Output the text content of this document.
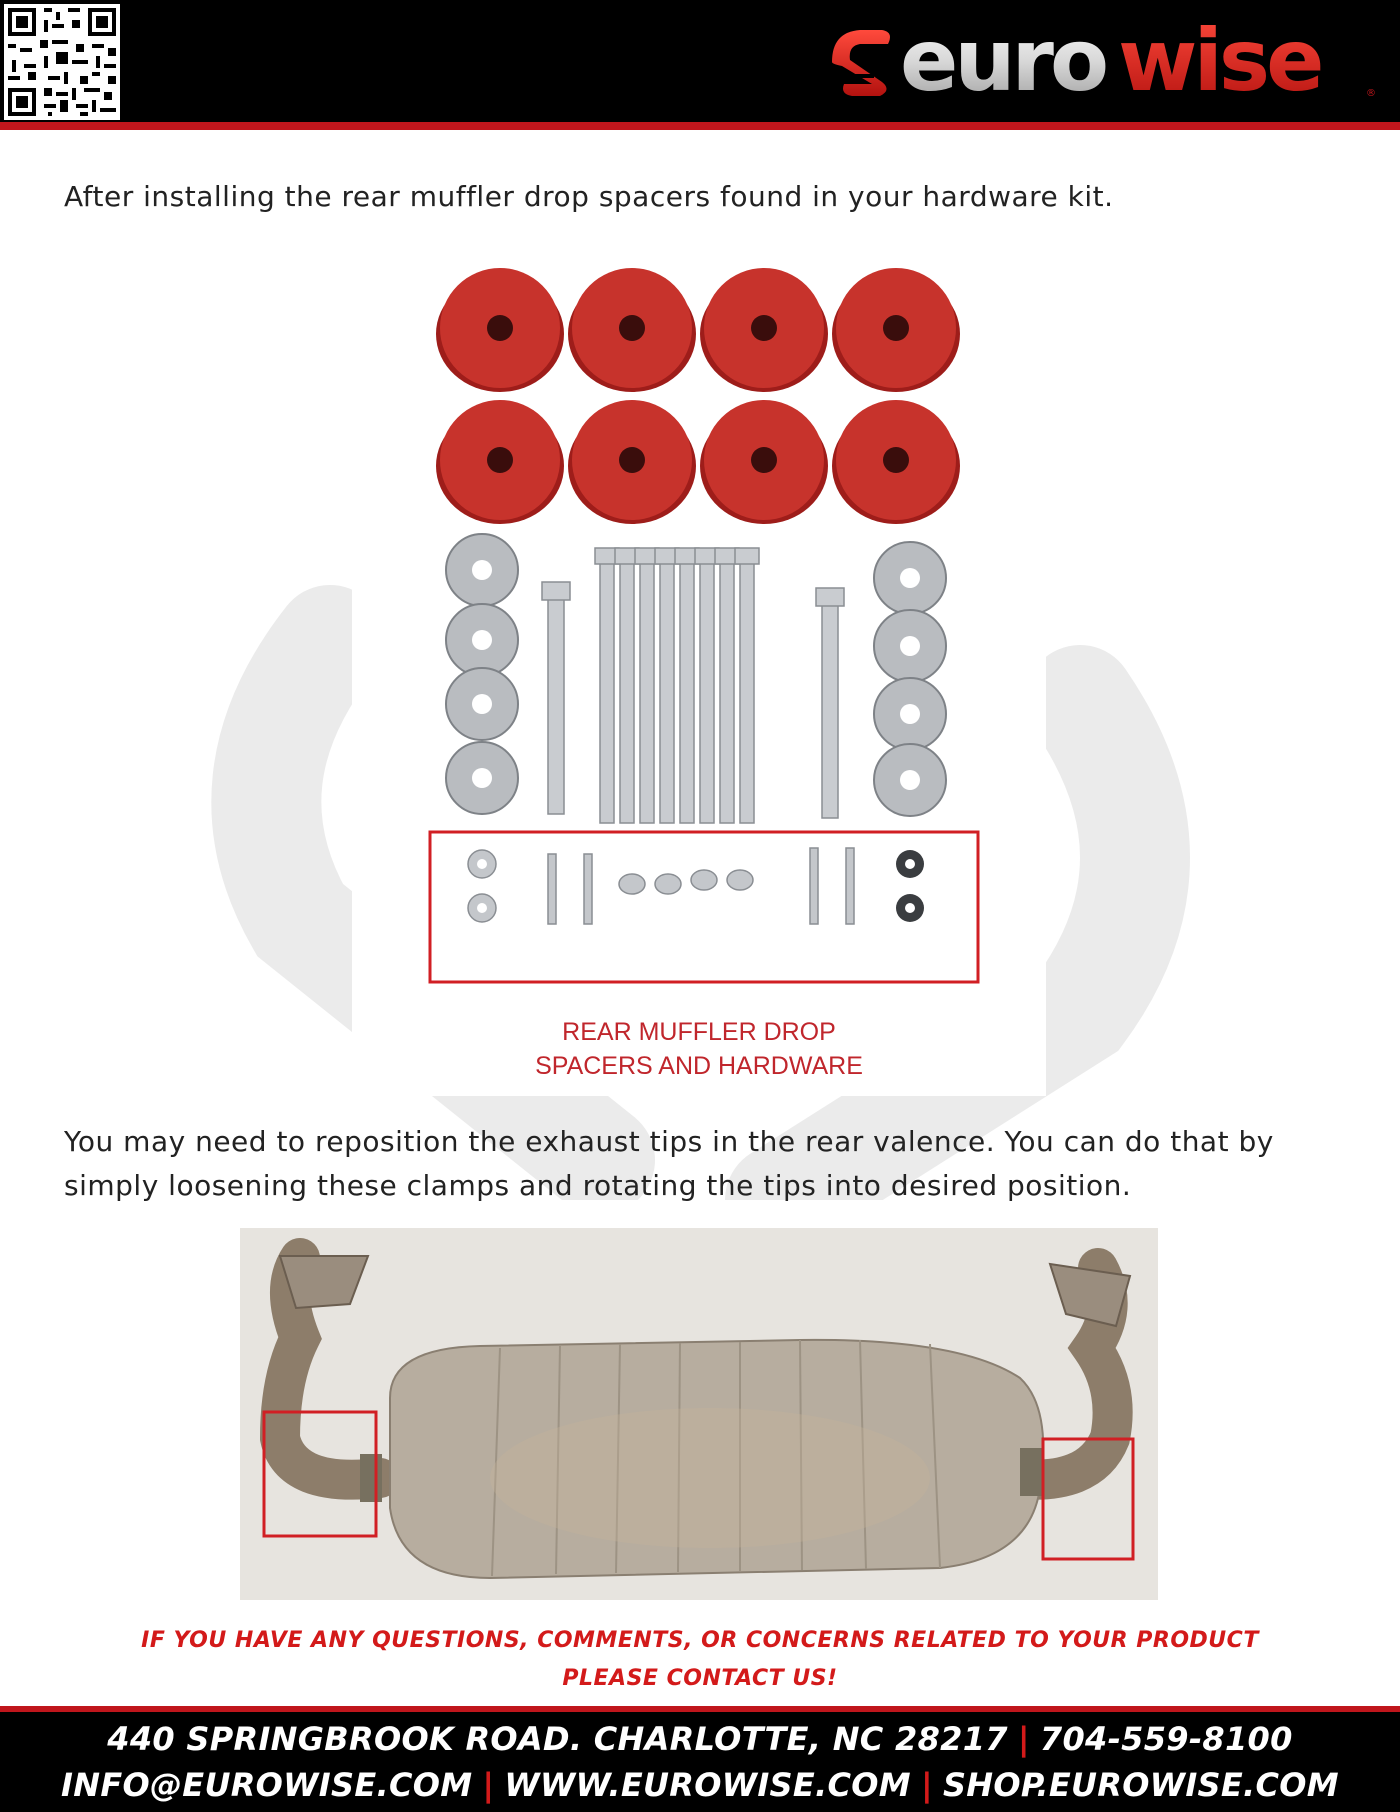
euro wise	®
After installing the rear muffler drop spacers found in your hardware kit.
REAR MUFFLER DROP
SPACERS AND HARDWARE
You may need to reposition the exhaust tips in the rear valence. You can do that by simply loosening these clamps and rotating the tips into desired position.
IF YOU HAVE ANY QUESTIONS, COMMENTS, OR CONCERNS RELATED TO YOUR PRODUCT
PLEASE CONTACT US!
440 SPRINGBROOK ROAD. CHARLOTTE, NC 28217 | 704-559-8100
INFO@EUROWISE.COM | WWW.EUROWISE.COM | SHOP.EUROWISE.COM
